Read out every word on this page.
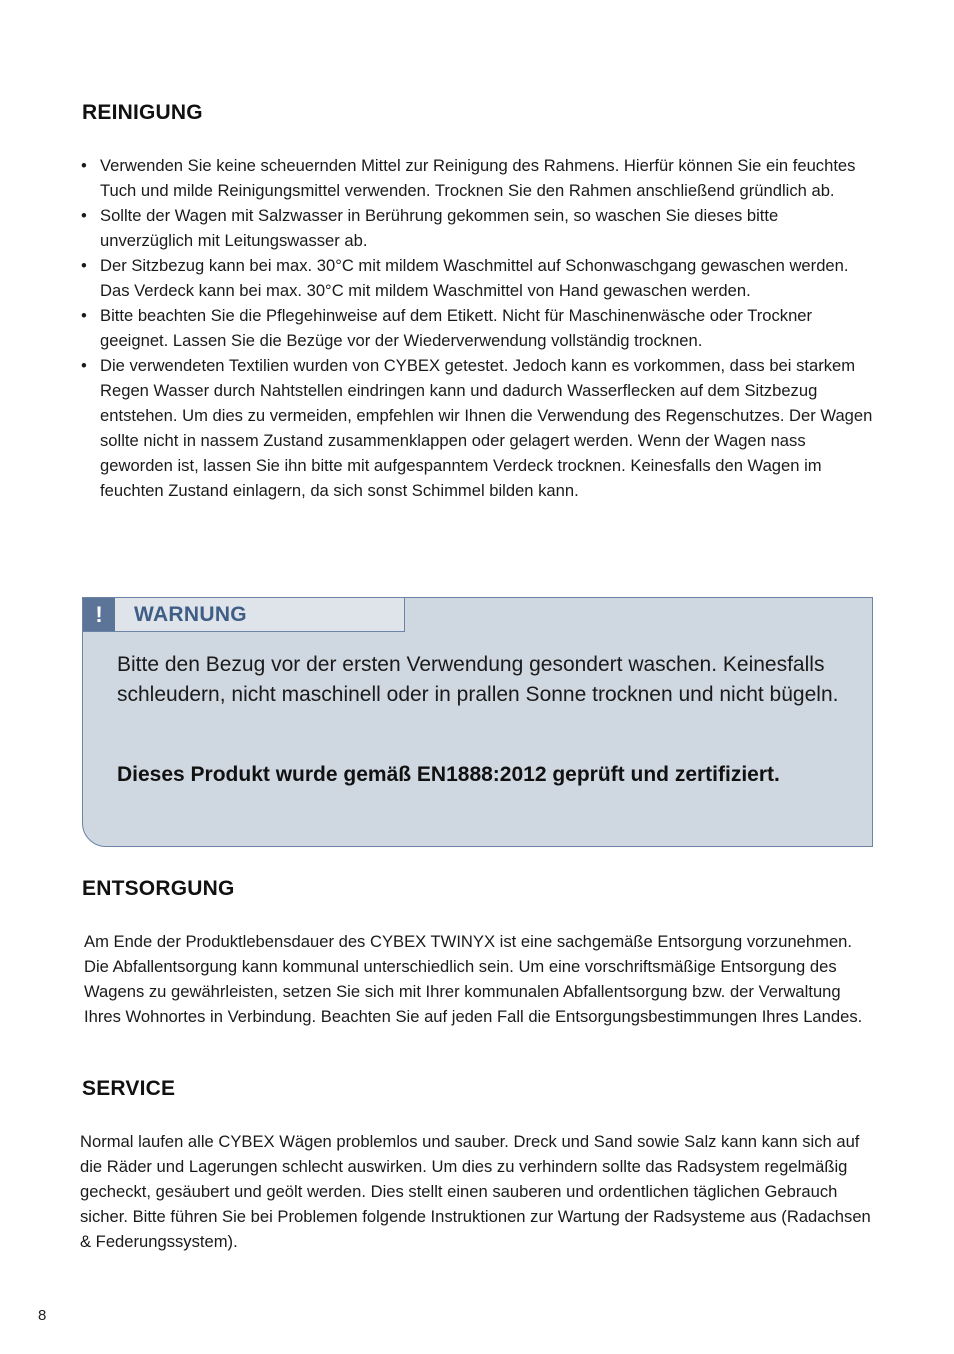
REINIGUNG
• Verwenden Sie keine scheuernden Mittel zur Reinigung des Rahmens. Hierfür können Sie ein feuchtes Tuch und milde Reinigungsmittel verwenden. Trocknen Sie den Rahmen anschließend gründlich ab.
• Sollte der Wagen mit Salzwasser in Berührung gekommen sein, so waschen Sie dieses bitte unverzüglich mit Leitungswasser ab.
• Der Sitzbezug kann bei max. 30°C mit mildem Waschmittel auf Schonwaschgang gewaschen werden. Das Verdeck kann bei max. 30°C mit mildem Waschmittel von Hand gewaschen werden.
• Bitte beachten Sie die Pflegehinweise auf dem Etikett. Nicht für Maschinenwäsche oder Trockner geeignet. Lassen Sie die Bezüge vor der Wiederverwendung vollständig trocknen.
• Die verwendeten Textilien wurden von CYBEX getestet. Jedoch kann es vorkommen, dass bei starkem Regen Wasser durch Nahtstellen eindringen kann und dadurch Wasserflecken auf dem Sitzbezug entstehen. Um dies zu vermeiden, empfehlen wir Ihnen die Verwendung des Regenschutzes. Der Wagen sollte nicht in nassem Zustand zusammenklappen oder gelagert werden. Wenn der Wagen nass geworden ist, lassen Sie ihn bitte mit aufgespanntem Verdeck trocknen. Keinesfalls den Wagen im feuchten Zustand einlagern, da sich sonst Schimmel bilden kann.
!	WARNUNG

Bitte den Bezug vor der ersten Verwendung gesondert waschen. Keinesfalls schleudern, nicht maschinell oder in prallen Sonne trocknen und nicht bügeln.

Dieses Produkt wurde gemäß EN1888:2012 geprüft und zertifiziert.

ENTSORGUNG

Am Ende der Produktlebensdauer des CYBEX TWINYX ist eine sachgemäße Entsorgung vorzunehmen. Die Abfallentsorgung kann kommunal unterschiedlich sein. Um eine vorschriftsmäßige Entsorgung des Wagens zu gewährleisten, setzen Sie sich mit Ihrer kommunalen Abfallentsorgung bzw. der Verwaltung Ihres Wohnortes in Verbindung. Beachten Sie auf jeden Fall die Entsorgungsbestimmungen Ihres Landes.

SERVICE

Normal laufen alle CYBEX Wägen problemlos und sauber. Dreck und Sand sowie Salz kann kann sich auf die Räder und Lagerungen schlecht auswirken. Um dies zu verhindern sollte das Radsystem regelmäßig gecheckt, gesäubert und geölt werden. Dies stellt einen sauberen und ordentlichen täglichen Gebrauch sicher. Bitte führen Sie bei Problemen folgende Instruktionen zur Wartung der Radsysteme aus (Radachsen & Federungssystem).

8
